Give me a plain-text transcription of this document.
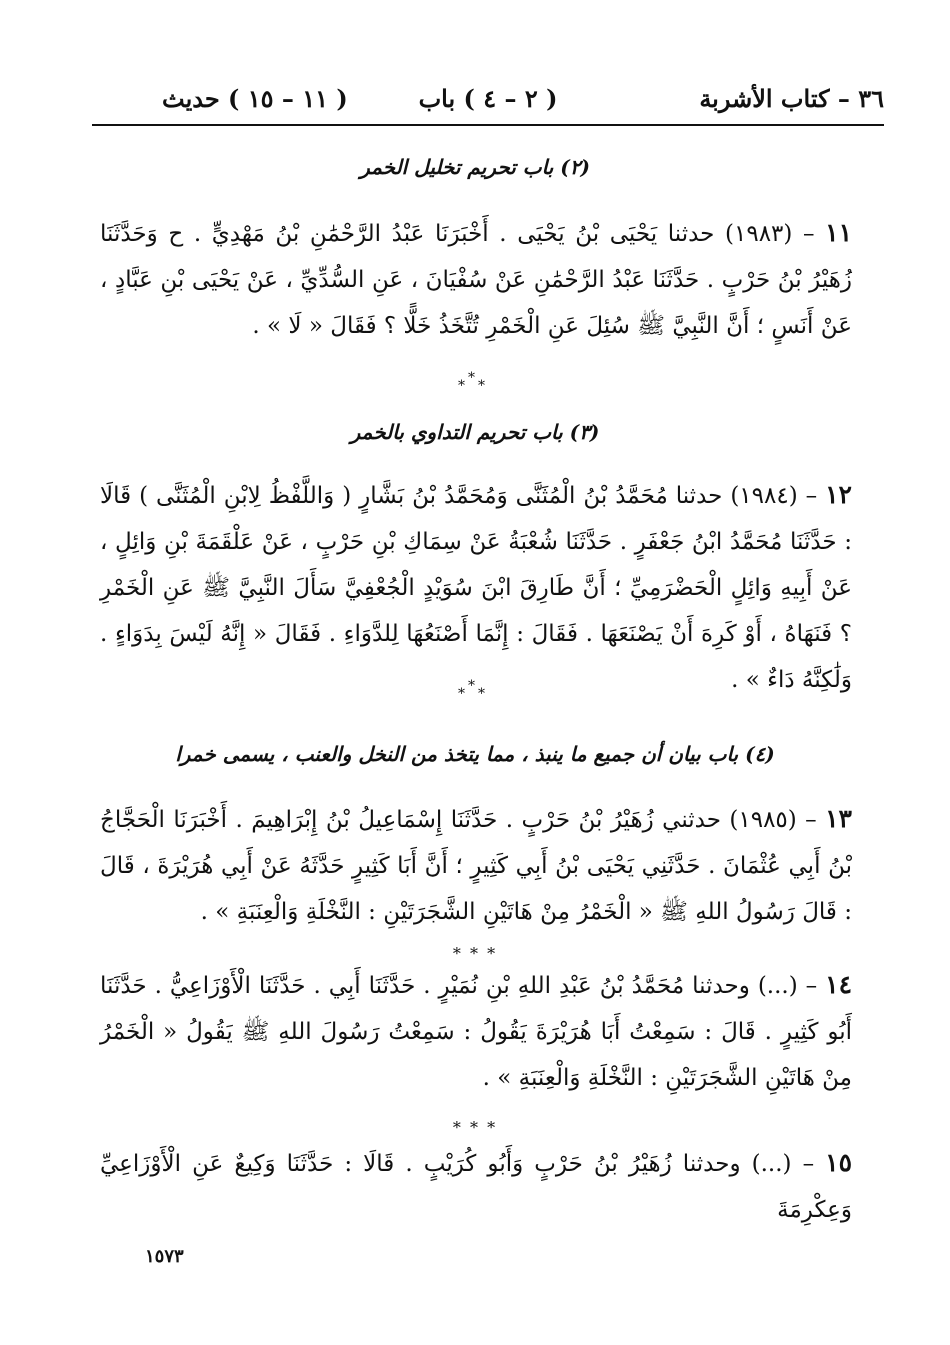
٣٦ – كتاب الأشربة
( ٢ – ٤ ) باب
( ١١ – ١٥ ) حديث
(٢) باب تحريم تخليل الخمر
١١ – (١٩٨٣) حدثنا يَحْيَى بْنُ يَحْيَى . أَخْبَرَنَا عَبْدُ الرَّحْمَٰنِ بْنُ مَهْدِيٍّ . ح وَحَدَّثَنَا زُهَيْرُ بْنُ حَرْبٍ . حَدَّثَنَا عَبْدُ الرَّحْمَٰنِ عَنْ سُفْيَانَ ، عَنِ السُّدِّيِّ ، عَنْ يَحْيَى بْنِ عَبَّادٍ ، عَنْ أَنَسٍ ؛ أَنَّ النَّبِيَّ ﷺ سُئِلَ عَنِ الْخَمْرِ تُتَّخَذُ خَلًّا ؟ فَقَالَ « لَا » .
*
* *
(٣) باب تحريم التداوي بالخمر
١٢ – (١٩٨٤) حدثنا مُحَمَّدُ بْنُ الْمُثَنَّى وَمُحَمَّدُ بْنُ بَشَّارٍ ( وَاللَّفْظُ لِابْنِ الْمُثَنَّى ) قَالَا : حَدَّثَنَا مُحَمَّدُ ابْنُ جَعْفَرٍ . حَدَّثَنَا شُعْبَةُ عَنْ سِمَاكِ بْنِ حَرْبٍ ، عَنْ عَلْقَمَةَ بْنِ وَائِلٍ ، عَنْ أَبِيهِ وَائِلٍ الْحَضْرَمِيِّ ؛ أَنَّ طَارِقَ ابْنَ سُوَيْدٍ الْجُعْفِيَّ سَأَلَ النَّبِيَّ ﷺ عَنِ الْخَمْرِ ؟ فَنَهَاهُ ، أَوْ كَرِهَ أَنْ يَصْنَعَهَا . فَقَالَ : إِنَّمَا أَصْنَعُهَا لِلدَّوَاءِ . فَقَالَ « إِنَّهُ لَيْسَ بِدَوَاءٍ . وَلَٰكِنَّهُ دَاءٌ » .
*
* *
(٤) باب بيان أن جميع ما ينبذ ، مما يتخذ من النخل والعنب ، يسمى خمرا
١٣ – (١٩٨٥) حدثني زُهَيْرُ بْنُ حَرْبٍ . حَدَّثَنَا إِسْمَاعِيلُ بْنُ إِبْرَاهِيمَ . أَخْبَرَنَا الْحَجَّاجُ بْنُ أَبِي عُثْمَانَ . حَدَّثَنِي يَحْيَى بْنُ أَبِي كَثِيرٍ ؛ أَنَّ أَبَا كَثِيرٍ حَدَّثَهُ عَنْ أَبِي هُرَيْرَةَ ، قَالَ : قَالَ رَسُولُ اللهِ ﷺ « الْخَمْرُ مِنْ هَاتَيْنِ الشَّجَرَتَيْنِ : النَّخْلَةِ وَالْعِنَبَةِ » .
* * *
١٤ – (...) وحدثنا مُحَمَّدُ بْنُ عَبْدِ اللهِ بْنِ نُمَيْرٍ . حَدَّثَنَا أَبِي . حَدَّثَنَا الْأَوْزَاعِيُّ . حَدَّثَنَا أَبُو كَثِيرٍ . قَالَ : سَمِعْتُ أَبَا هُرَيْرَةَ يَقُولُ : سَمِعْتُ رَسُولَ اللهِ ﷺ يَقُولُ « الْخَمْرُ مِنْ هَاتَيْنِ الشَّجَرَتَيْنِ : النَّخْلَةِ وَالْعِنَبَةِ » .
* * *
١٥ – (...) وحدثنا زُهَيْرُ بْنُ حَرْبٍ وَأَبُو كُرَيْبٍ . قَالَا : حَدَّثَنَا وَكِيعٌ عَنِ الْأَوْزَاعِيِّ وَعِكْرِمَةَ
١٥٧٣
